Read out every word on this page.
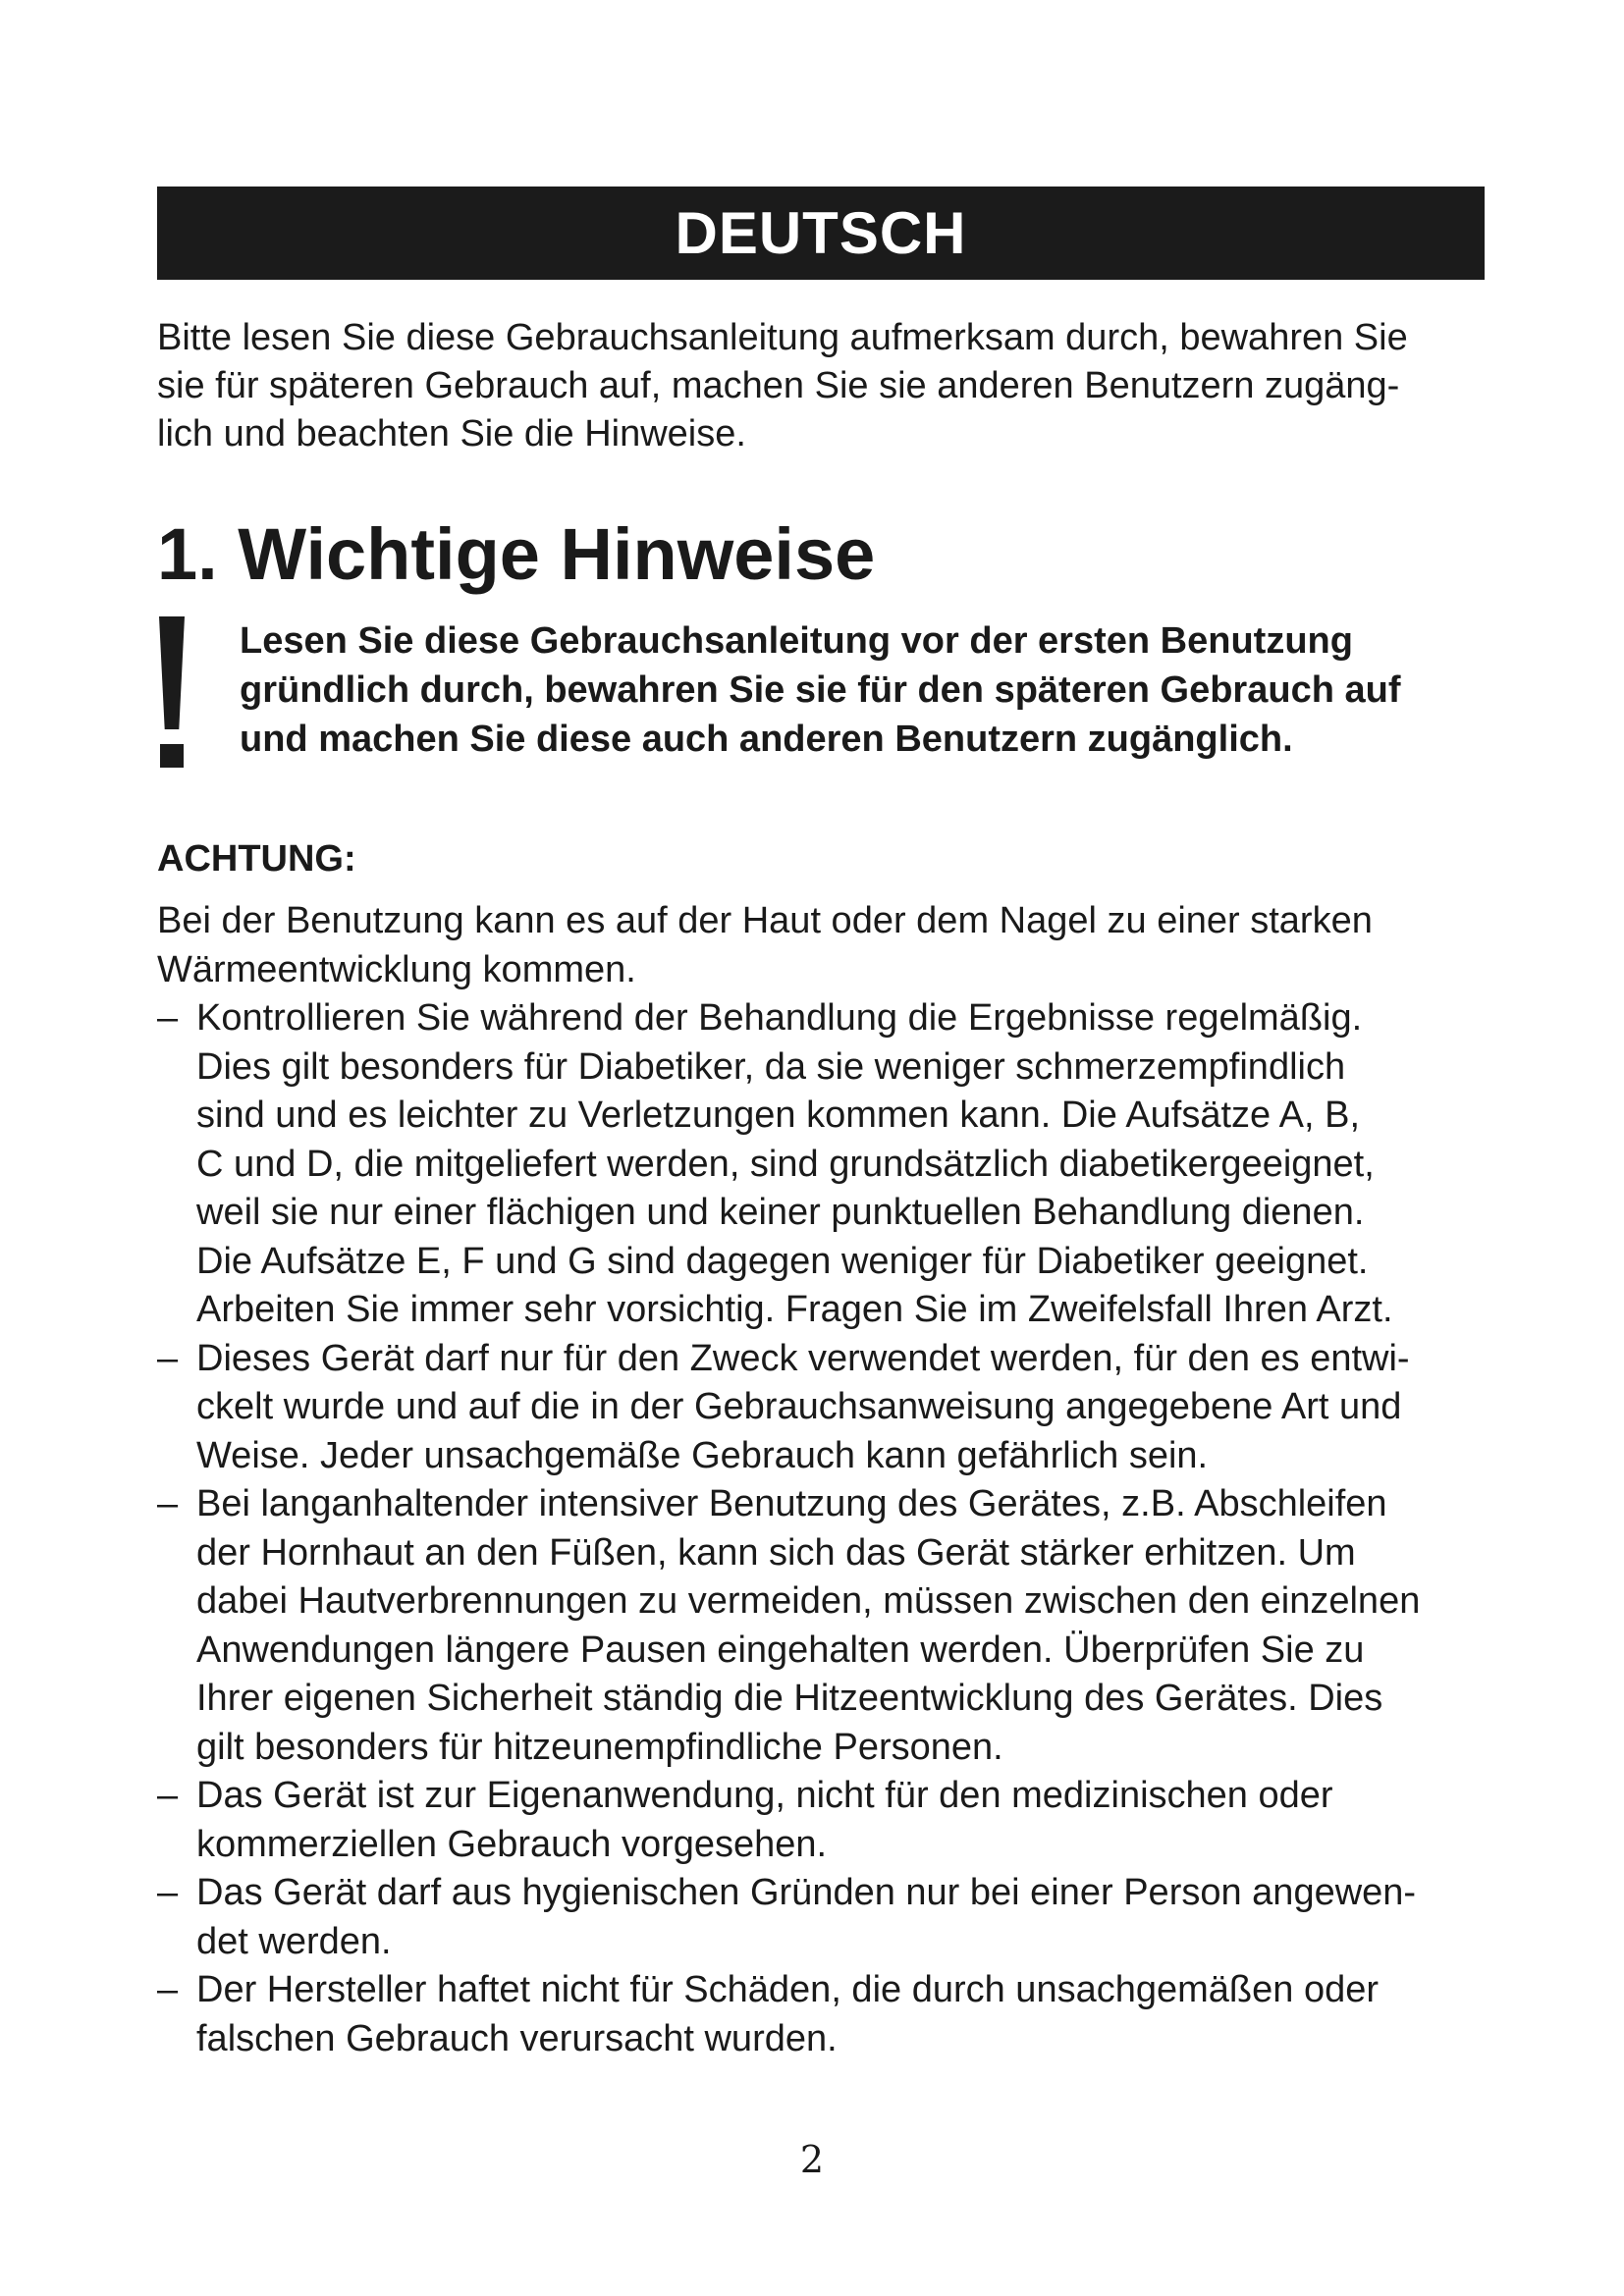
DEUTSCH

Bitte lesen Sie diese Gebrauchsanleitung aufmerksam durch, bewahren Sie
sie für späteren Gebrauch auf, machen Sie sie anderen Benutzern zugäng-
lich und beachten Sie die Hinweise.

1. Wichtige Hinweise

Lesen Sie diese Gebrauchsanleitung vor der ersten Benutzung
gründlich durch, bewahren Sie sie für den späteren Gebrauch auf
und machen Sie diese auch anderen Benutzern zugänglich.

ACHTUNG:

Bei der Benutzung kann es auf der Haut oder dem Nagel zu einer starken
Wärmeentwicklung kommen.

– Kontrollieren Sie während der Behandlung die Ergebnisse regelmäßig.
Dies gilt besonders für Diabetiker, da sie weniger schmerzempfindlich
sind und es leichter zu Verletzungen kommen kann. Die Aufsätze A, B,
C und D, die mitgeliefert werden, sind grundsätzlich diabetikergeeignet,
weil sie nur einer flächigen und keiner punktuellen Behandlung dienen.
Die Aufsätze E, F und G sind dagegen weniger für Diabetiker geeignet.
Arbeiten Sie immer sehr vorsichtig. Fragen Sie im Zweifelsfall Ihren Arzt.
– Dieses Gerät darf nur für den Zweck verwendet werden, für den es entwi-
ckelt wurde und auf die in der Gebrauchsanweisung angegebene Art und
Weise. Jeder unsachgemäße Gebrauch kann gefährlich sein.
– Bei langanhaltender intensiver Benutzung des Gerätes, z.B. Abschleifen
der Hornhaut an den Füßen, kann sich das Gerät stärker erhitzen. Um
dabei Hautverbrennungen zu vermeiden, müssen zwischen den einzelnen
Anwendungen längere Pausen eingehalten werden. Überprüfen Sie zu
Ihrer eigenen Sicherheit ständig die Hitzeentwicklung des Gerätes. Dies
gilt besonders für hitzeunempfindliche Personen.
– Das Gerät ist zur Eigenanwendung, nicht für den medizinischen oder
kommerziellen Gebrauch vorgesehen.
– Das Gerät darf aus hygienischen Gründen nur bei einer Person angewen-
det werden.
– Der Hersteller haftet nicht für Schäden, die durch unsachgemäßen oder
falschen Gebrauch verursacht wurden.
2
